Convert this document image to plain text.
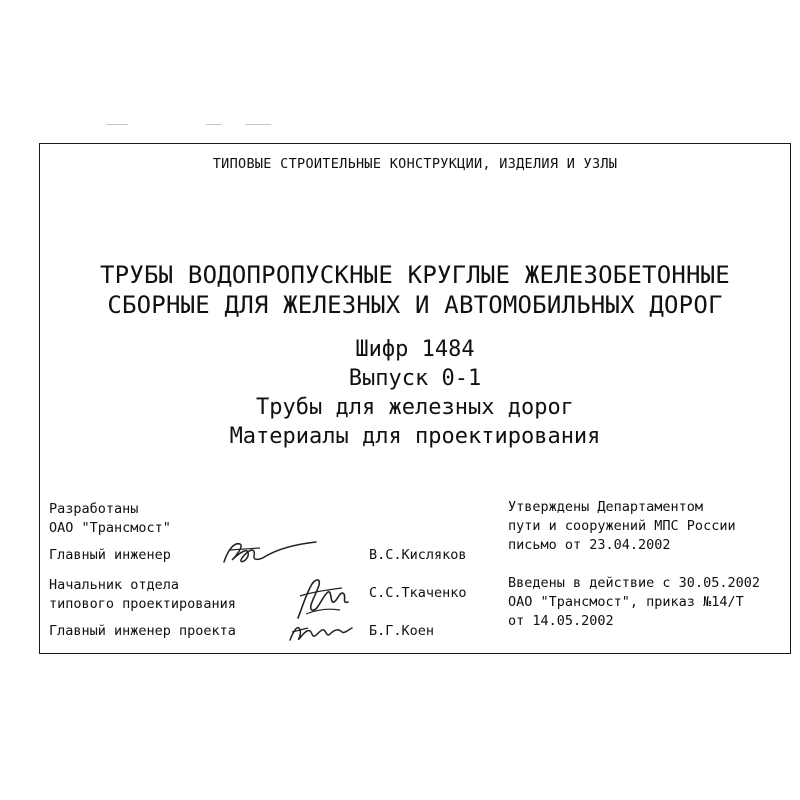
ТИПОВЫЕ СТРОИТЕЛЬНЫЕ КОНСТРУКЦИИ, ИЗДЕЛИЯ И УЗЛЫ
ТРУБЫ ВОДОПРОПУСКНЫЕ КРУГЛЫЕ ЖЕЛЕЗОБЕТОННЫЕ
СБОРНЫЕ ДЛЯ ЖЕЛЕЗНЫХ И АВТОМОБИЛЬНЫХ ДОРОГ
Шифр 1484
Выпуск 0-1
Трубы для железных дорог
Материалы для проектирования
Разработаны
ОАО "Трансмост"
Главный инженер	В.С.Кисляков
Начальник отдела
типового проектирования
С.С.Ткаченко
Главный инженер проекта	Б.Г.Коен
Утверждены Департаментом
пути и сооружений МПС России
письмо от 23.04.2002
Введены в действие с 30.05.2002
ОАО "Трансмост", приказ №14/Т
от 14.05.2002
